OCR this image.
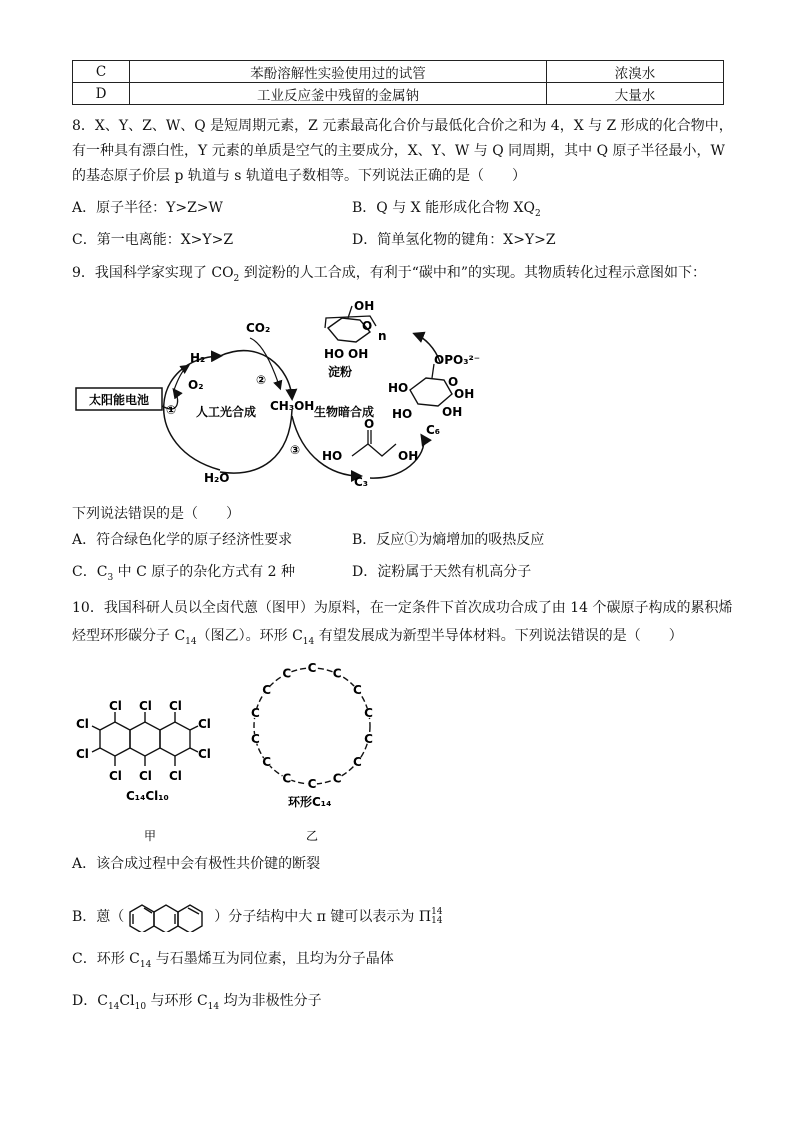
C	苯酚溶解性实验使用过的试管	浓溴水
D	工业反应釜中残留的金属钠	大量水
8．X、Y、Z、W、Q 是短周期元素，Z 元素最高化合价与最低化合价之和为 4，X 与 Z 形成的化合物中，
有一种具有漂白性，Y 元素的单质是空气的主要成分，X、Y、W 与 Q 同周期，其中 Q 原子半径最小，W
的基态原子价层 p 轨道与 s 轨道电子数相等。下列说法正确的是（　　）
A．原子半径：Y>Z>W	B．Q 与 X 能形成化合物 $XQ_2$
C．第一电离能：X>Y>Z	D．简单氢化物的键角：X>Y>Z
9．我国科学家实现了 $CO_2$ 到淀粉的人工合成，有利于“碳中和”的实现。其物质转化过程示意图如下：
太阳能电池
H₂
O₂
H₂O
CO₂
CH₃OH
① 人工光合成
②
③
生物暗合成
C₃
O
HO	OH
OH
HO OH
O
n
淀粉
OPO₃²⁻
HO
HO
OH
OH
O
C₆
下列说法错误的是（　　）
A．符合绿色化学的原子经济性要求	B．反应①为熵增加的吸热反应
C．$C_3$ 中 C 原子的杂化方式有 2 种	D．淀粉属于天然有机高分子
10．我国科研人员以全卤代蒽（图甲）为原料，在一定条件下首次成功合成了由 14 个碳原子构成的累积烯
烃型环形碳分子 $C_{14}$（图乙）。环形 $C_{14}$ 有望发展成为新型半导体材料。下列说法错误的是（　　）
Cl Cl Cl
Cl Cl Cl
Cl
Cl
Cl
Cl
C₁₄Cl₁₀
甲
C C
C
C
C
C
C
C
C
C
C
C
C
C
环形C₁₄
乙
A．该合成过程中会有极性共价键的断裂
B．蒽（	）分子结构中大 π 键可以表示为 Π14
14
C．环形 $C_{14}$ 与石墨烯互为同位素，且均为分子晶体
D．$C_{14}Cl_{10}$ 与环形 $C_{14}$ 均为非极性分子
